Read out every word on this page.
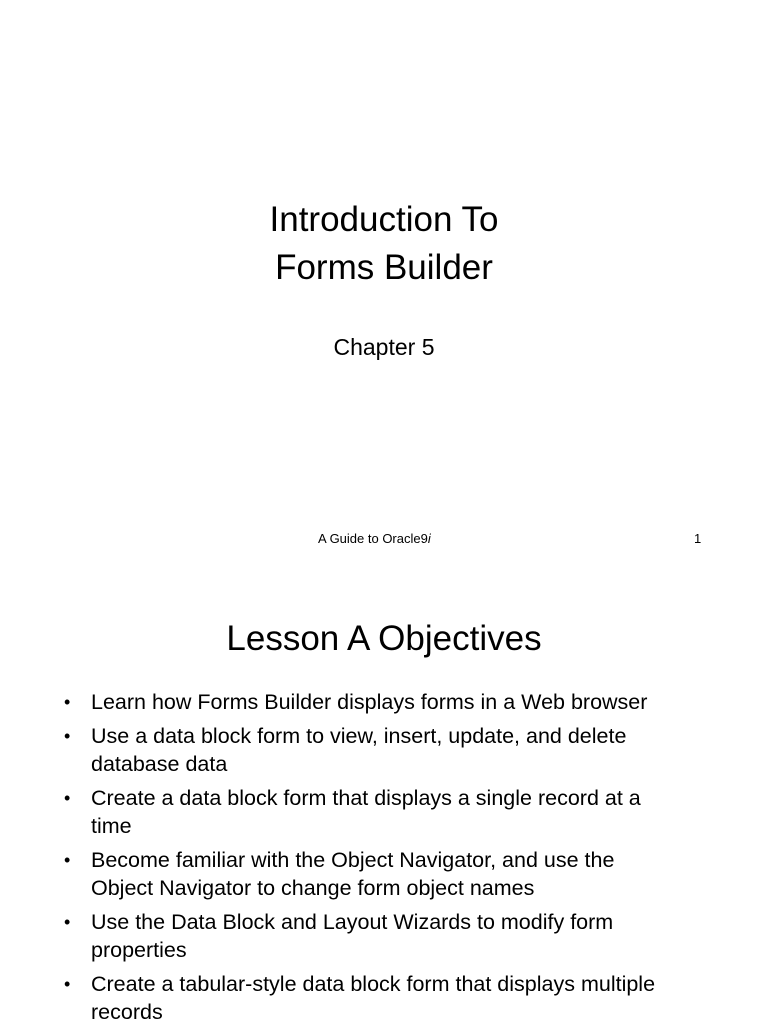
Introduction To
Forms Builder
Chapter 5
A Guide to Oracle9i	1
Lesson A Objectives
• Learn how Forms Builder displays forms in a Web browser
• Use a data block form to view, insert, update, and delete
database data
• Create a data block form that displays a single record at a
time
• Become familiar with the Object Navigator, and use the
Object Navigator to change form object names
• Use the Data Block and Layout Wizards to modify form
properties
• Create a tabular-style data block form that displays multiple
records
